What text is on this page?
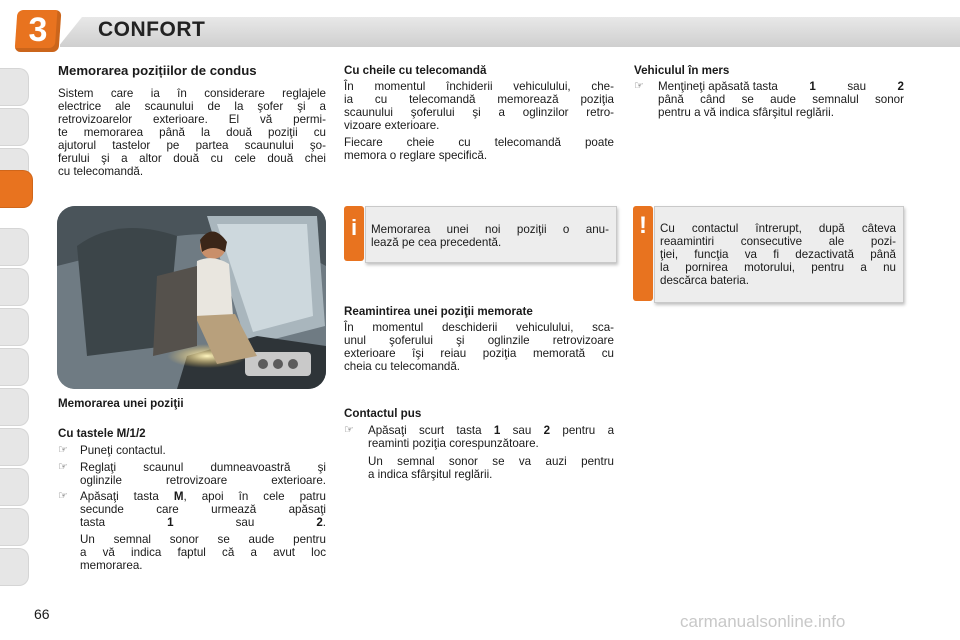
3	CONFORT
Memorarea pozițiilor de condus
Sistem care ia în considerare reglajele
electrice ale scaunului de la şofer şi a
retrovizoarelor exterioare. El vă permi-
te memorarea până la două poziţii cu
ajutorul tastelor pe partea scaunului şo-
ferului şi a altor două cu cele două chei
cu telecomandă.
Memorarea unei poziţii
Cu tastele M/1/2
☞ Puneţi contactul.
☞ Reglaţi scaunul dumneavoastră şi
oglinzile retrovizoare exterioare.
☞ Apăsaţi tasta M, apoi în cele patru
secunde care urmează apăsaţi
tasta 1 sau 2.
Un semnal sonor se aude pentru
a vă indica faptul că a avut loc
memorarea.
Cu cheile cu telecomandă
În momentul închiderii vehiculului, che-
ia cu telecomandă memorează poziţia
scaunului şoferului şi a oglinzilor retro-
vizoare exterioare.
Fiecare cheie cu telecomandă poate
memora o reglare specifică.
i	Memorarea unei noi poziţii o anu-
lează pe cea precedentă.
Reamintirea unei poziţii memorate
În momentul deschiderii vehiculului, sca-
unul şoferului şi oglinzile retrovizoare
exterioare îşi reiau poziţia memorată cu
cheia cu telecomandă.
Contactul pus
☞ Apăsaţi scurt tasta 1 sau 2 pentru a
reaminti poziţia corespunzătoare.
Un semnal sonor se va auzi pentru
a indica sfârşitul reglării.
Vehiculul în mers
☞ Menţineţi apăsată tasta	1	sau	2
până când se aude semnalul sonor
pentru a vă indica sfârşitul reglării.
!	Cu contactul întrerupt, după câteva
reaamintiri consecutive ale pozi-
ţiei, funcţia va fi dezactivată până
la pornirea motorului, pentru a nu
descărca bateria.
66	carmanualsonline.info
